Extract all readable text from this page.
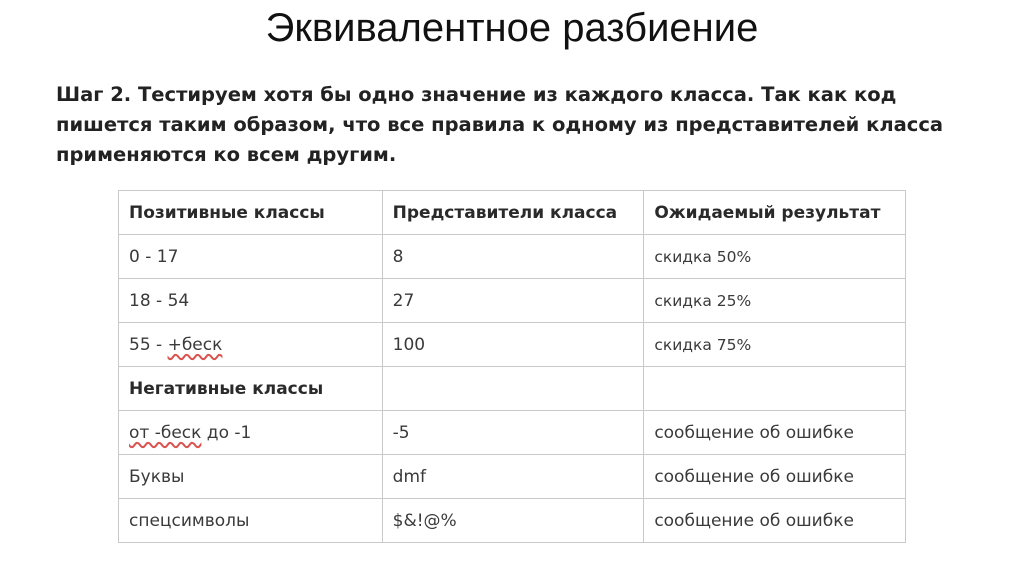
Эквивалентное разбиение
Шаг 2. Тестируем хотя бы одно значение из каждого класса. Так как код пишется таким образом, что все правила к одному из представителей класса применяются ко всем другим.
Позитивные классы	Представители класса	Ожидаемый результат
0 - 17	8	скидка 50%
18 - 54	27	скидка 25%
55 - +беск	100	скидка 75%
Негативные классы		
от -беск до -1	-5	сообщение об ошибке
Буквы	dmf	сообщение об ошибке
спецсимволы	$&!@%	сообщение об ошибке
